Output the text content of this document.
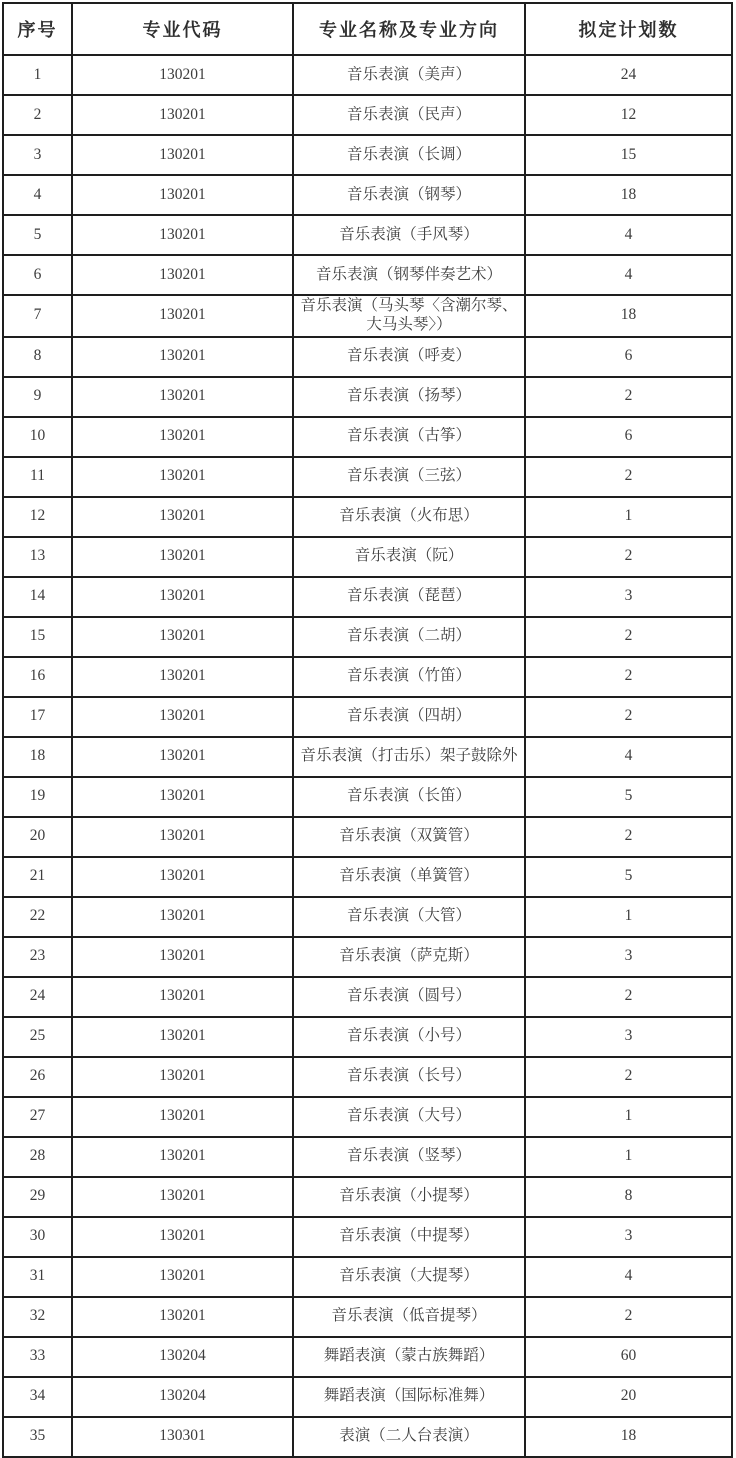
序号	专业代码	专业名称及专业方向	拟定计划数
1	130201	音乐表演（美声）	24
2	130201	音乐表演（民声）	12
3	130201	音乐表演（长调）	15
4	130201	音乐表演（钢琴）	18
5	130201	音乐表演（手风琴）	4
6	130201	音乐表演（钢琴伴奏艺术）	4
7	130201	音乐表演（马头琴〈含潮尔琴、大马头琴〉）	18
8	130201	音乐表演（呼麦）	6
9	130201	音乐表演（扬琴）	2
10	130201	音乐表演（古筝）	6
11	130201	音乐表演（三弦）	2
12	130201	音乐表演（火布思）	1
13	130201	音乐表演（阮）	2
14	130201	音乐表演（琵琶）	3
15	130201	音乐表演（二胡）	2
16	130201	音乐表演（竹笛）	2
17	130201	音乐表演（四胡）	2
18	130201	音乐表演（打击乐）架子鼓除外	4
19	130201	音乐表演（长笛）	5
20	130201	音乐表演（双簧管）	2
21	130201	音乐表演（单簧管）	5
22	130201	音乐表演（大管）	1
23	130201	音乐表演（萨克斯）	3
24	130201	音乐表演（圆号）	2
25	130201	音乐表演（小号）	3
26	130201	音乐表演（长号）	2
27	130201	音乐表演（大号）	1
28	130201	音乐表演（竖琴）	1
29	130201	音乐表演（小提琴）	8
30	130201	音乐表演（中提琴）	3
31	130201	音乐表演（大提琴）	4
32	130201	音乐表演（低音提琴）	2
33	130204	舞蹈表演（蒙古族舞蹈）	60
34	130204	舞蹈表演（国际标准舞）	20
35	130301	表演（二人台表演）	18
